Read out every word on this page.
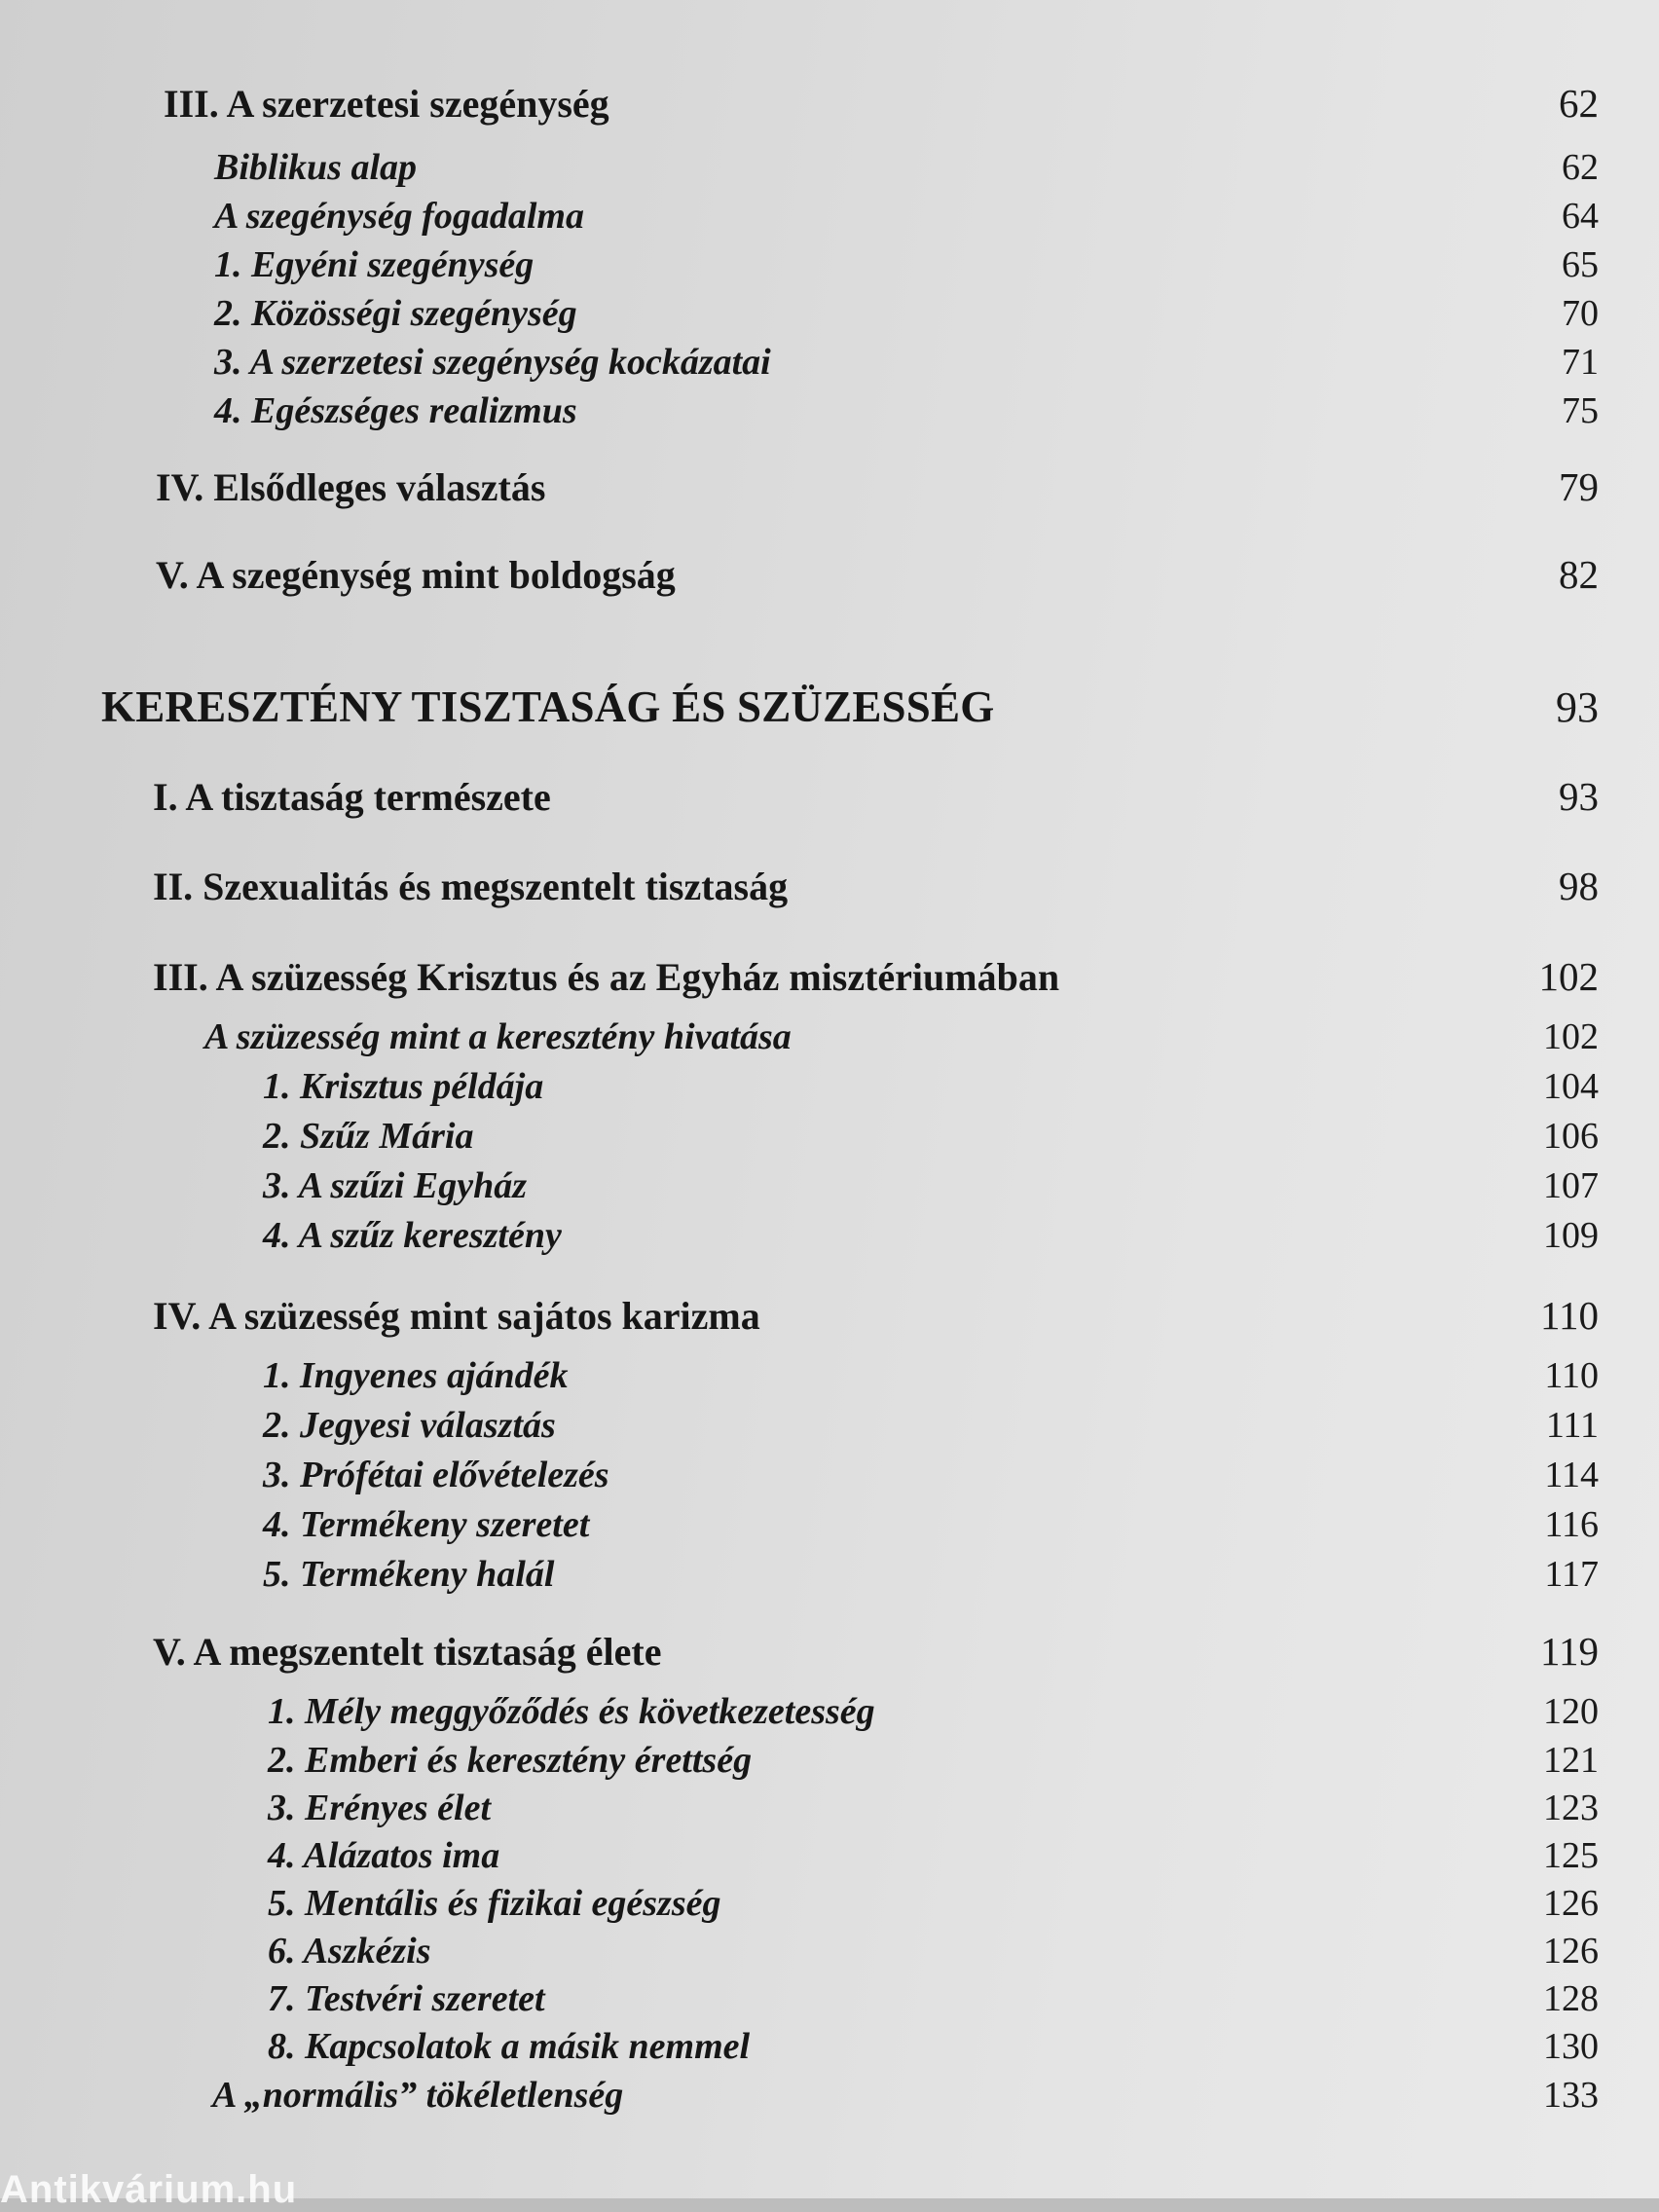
III. A szerzetesi szegénység	62
Biblikus alap	62
A szegénység fogadalma	64
1. Egyéni szegénység	65
2. Közösségi szegénység	70
3. A szerzetesi szegénység kockázatai	71
4. Egészséges realizmus	75
IV. Elsődleges választás	79
V. A szegénység mint boldogság	82
KERESZTÉNY TISZTASÁG ÉS SZÜZESSÉG	93
I. A tisztaság természete	93
II. Szexualitás és megszentelt tisztaság	98
III. A szüzesség Krisztus és az Egyház misztériumában	102
A szüzesség mint a keresztény hivatása	102
1. Krisztus példája	104
2. Szűz Mária	106
3. A szűzi Egyház	107
4. A szűz keresztény	109
IV. A szüzesség mint sajátos karizma	110
1. Ingyenes ajándék	110
2. Jegyesi választás	111
3. Prófétai elővételezés	114
4. Termékeny szeretet	116
5. Termékeny halál	117
V. A megszentelt tisztaság élete	119
1. Mély meggyőződés és következetesség	120
2. Emberi és keresztény érettség	121
3. Erényes élet	123
4. Alázatos ima	125
5. Mentális és fizikai egészség	126
6. Aszkézis	126
7. Testvéri szeretet	128
8. Kapcsolatok a másik nemmel	130
A „normális” tökéletlenség	133
Antikvárium.hu
